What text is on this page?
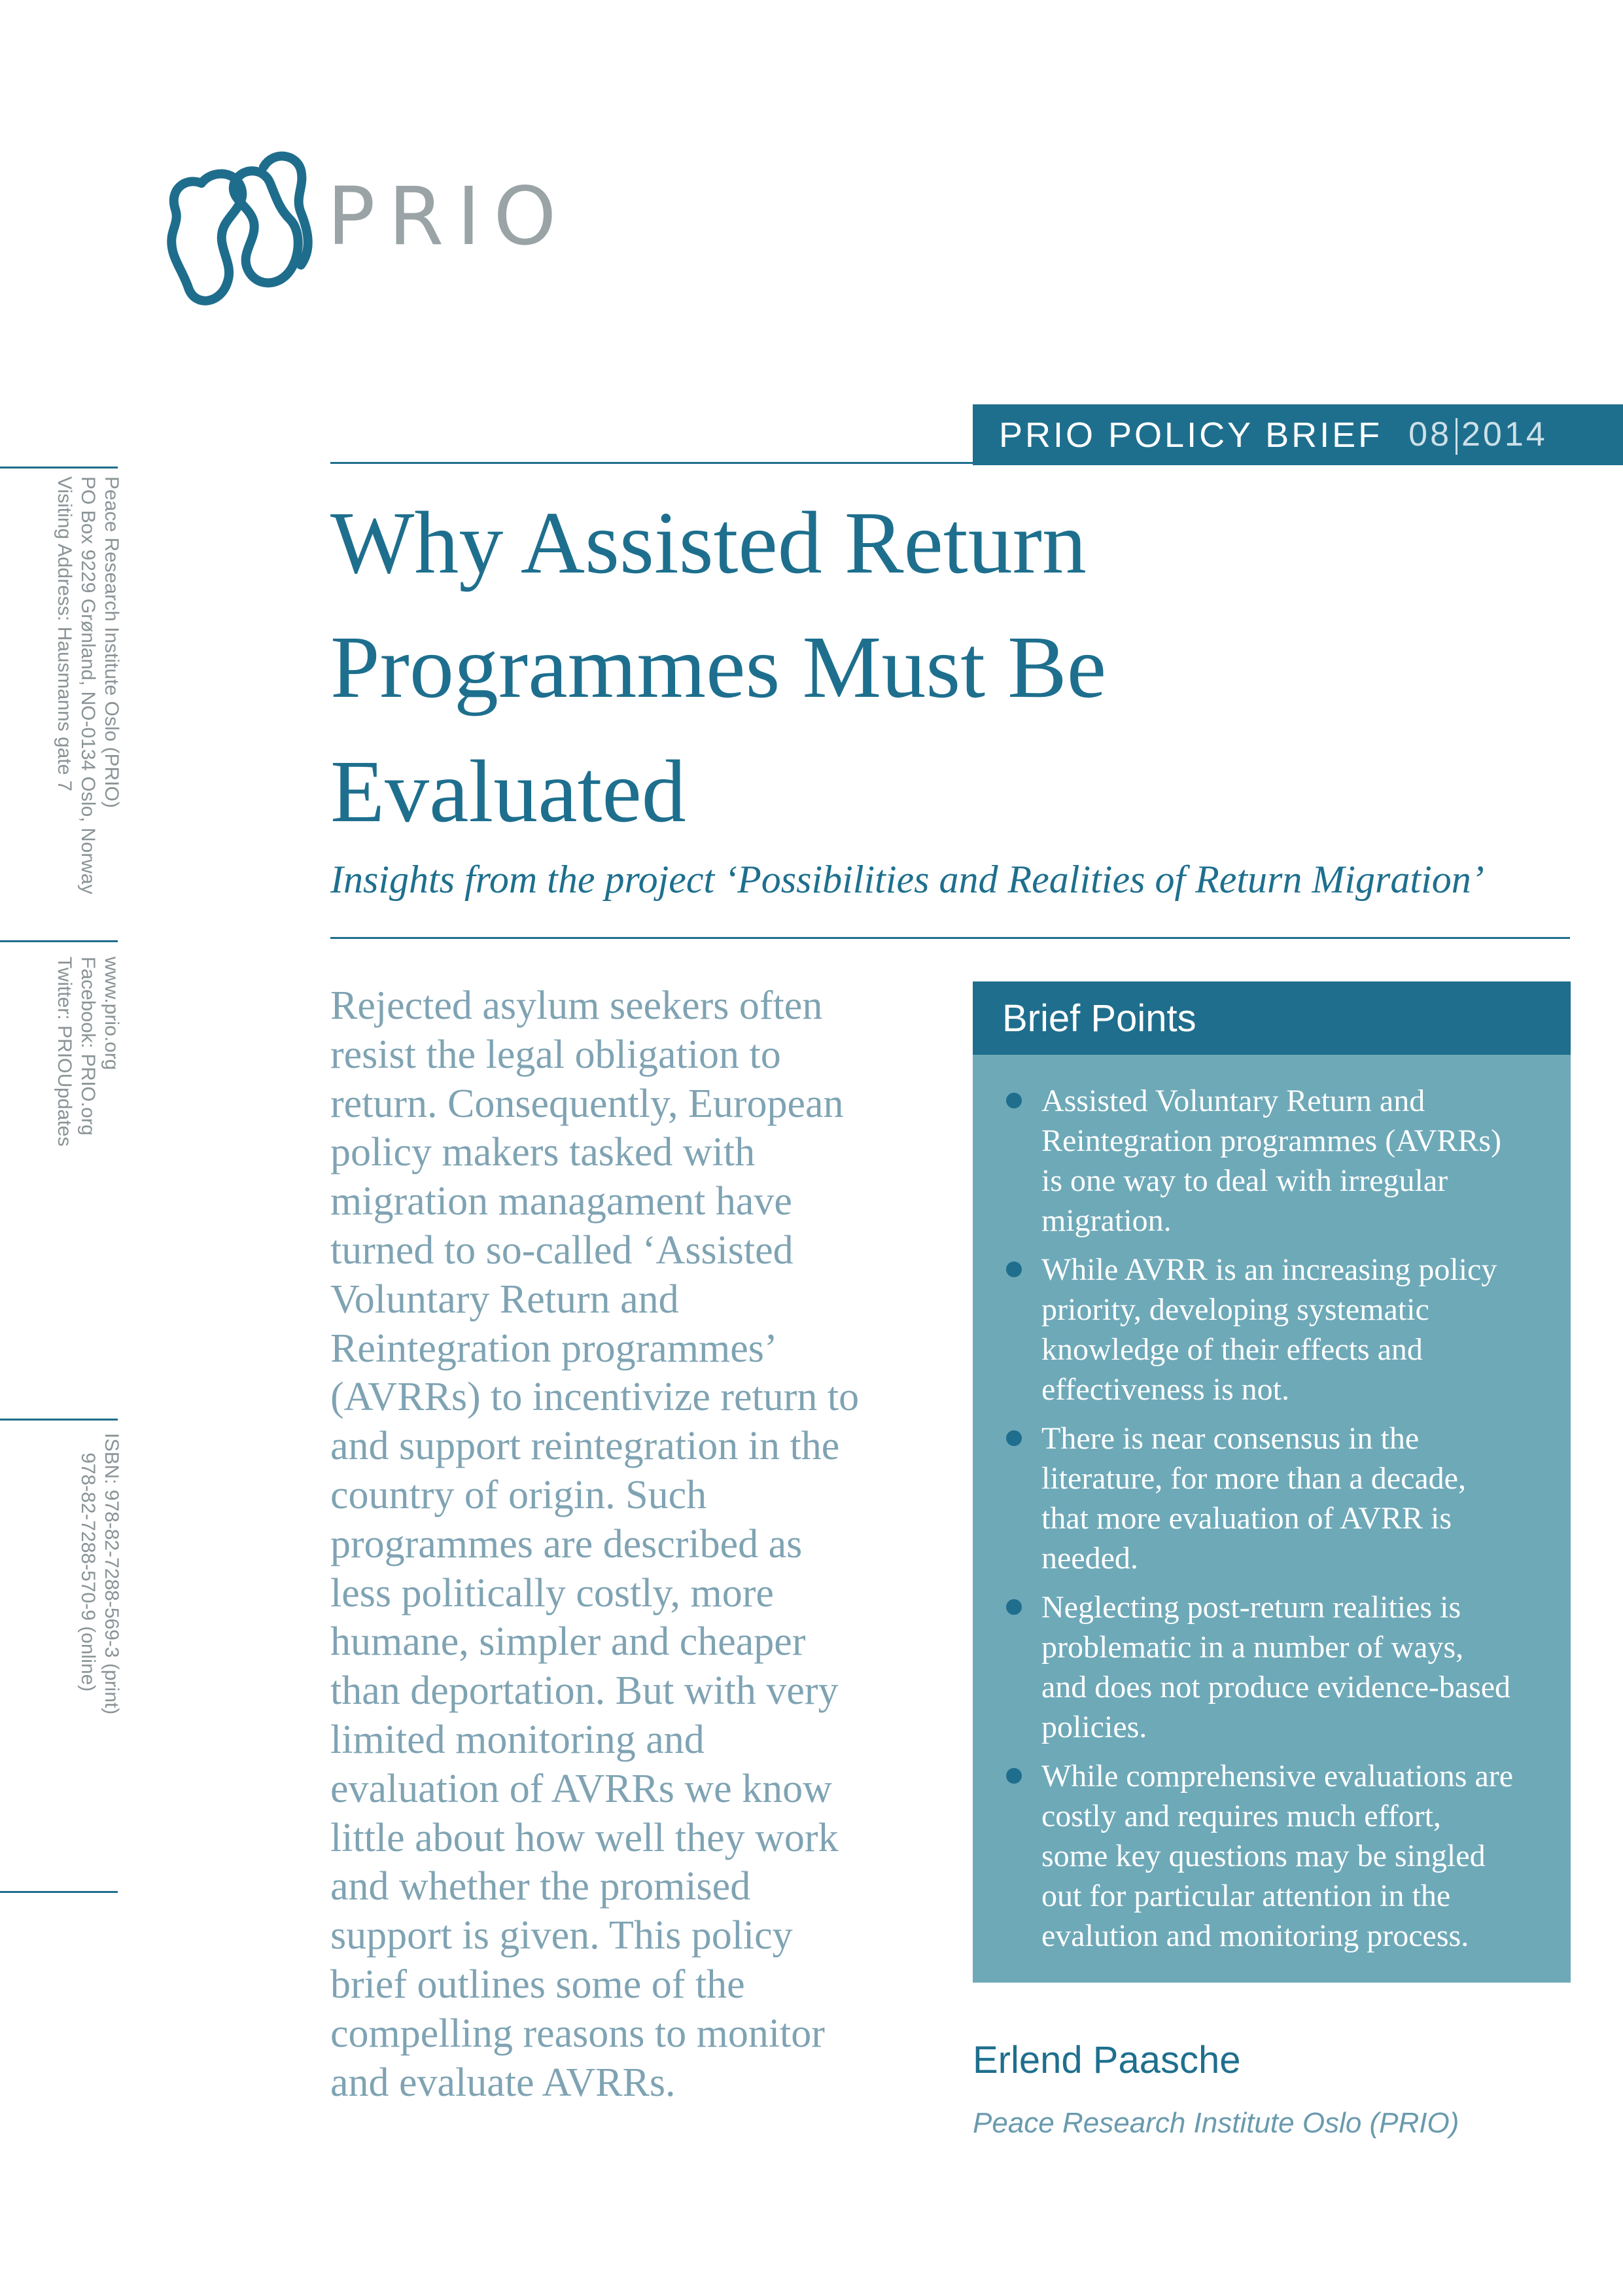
PRIO
Peace Research Institute Oslo (PRIO)
PO Box 9229 Grønland, NO-0134 Oslo, Norway
Visiting Address: Hausmanns gate 7
www.prio.org
Facebook: PRIO.org
Twitter: PRIOUpdates
ISBN: 978-82-7288-569-3 (print)
978-82-7288-570-9 (online)
PRIO POLICY BRIEF 08 2014
Why Assisted Return
Programmes Must Be
Evaluated
Insights from the project ‘Possibilities and Realities of Return Migration’
Rejected asylum seekers often
resist the legal obligation to
return. Consequently, European
policy makers tasked with
migration managament have
turned to so-called ‘Assisted
Voluntary Return and
Reintegration programmes’
(AVRRs) to incentivize return to
and support reintegration in the
country of origin. Such
programmes are described as
less politically costly, more
humane, simpler and cheaper
than deportation. But with very
limited monitoring and
evaluation of AVRRs we know
little about how well they work
and whether the promised
support is given. This policy
brief outlines some of the
compelling reasons to monitor
and evaluate AVRRs.
Brief Points
Assisted Voluntary Return and
Reintegration programmes (AVRRs)
is one way to deal with irregular
migration.
While AVRR is an increasing policy
priority, developing systematic
knowledge of their effects and
effectiveness is not.
There is near consensus in the
literature, for more than a decade,
that more evaluation of AVRR is
needed.
Neglecting post-return realities is
problematic in a number of ways,
and does not produce evidence-based
policies.
While comprehensive evaluations are
costly and requires much effort,
some key questions may be singled
out for particular attention in the
evalution and monitoring process.
Erlend Paasche
Peace Research Institute Oslo (PRIO)
